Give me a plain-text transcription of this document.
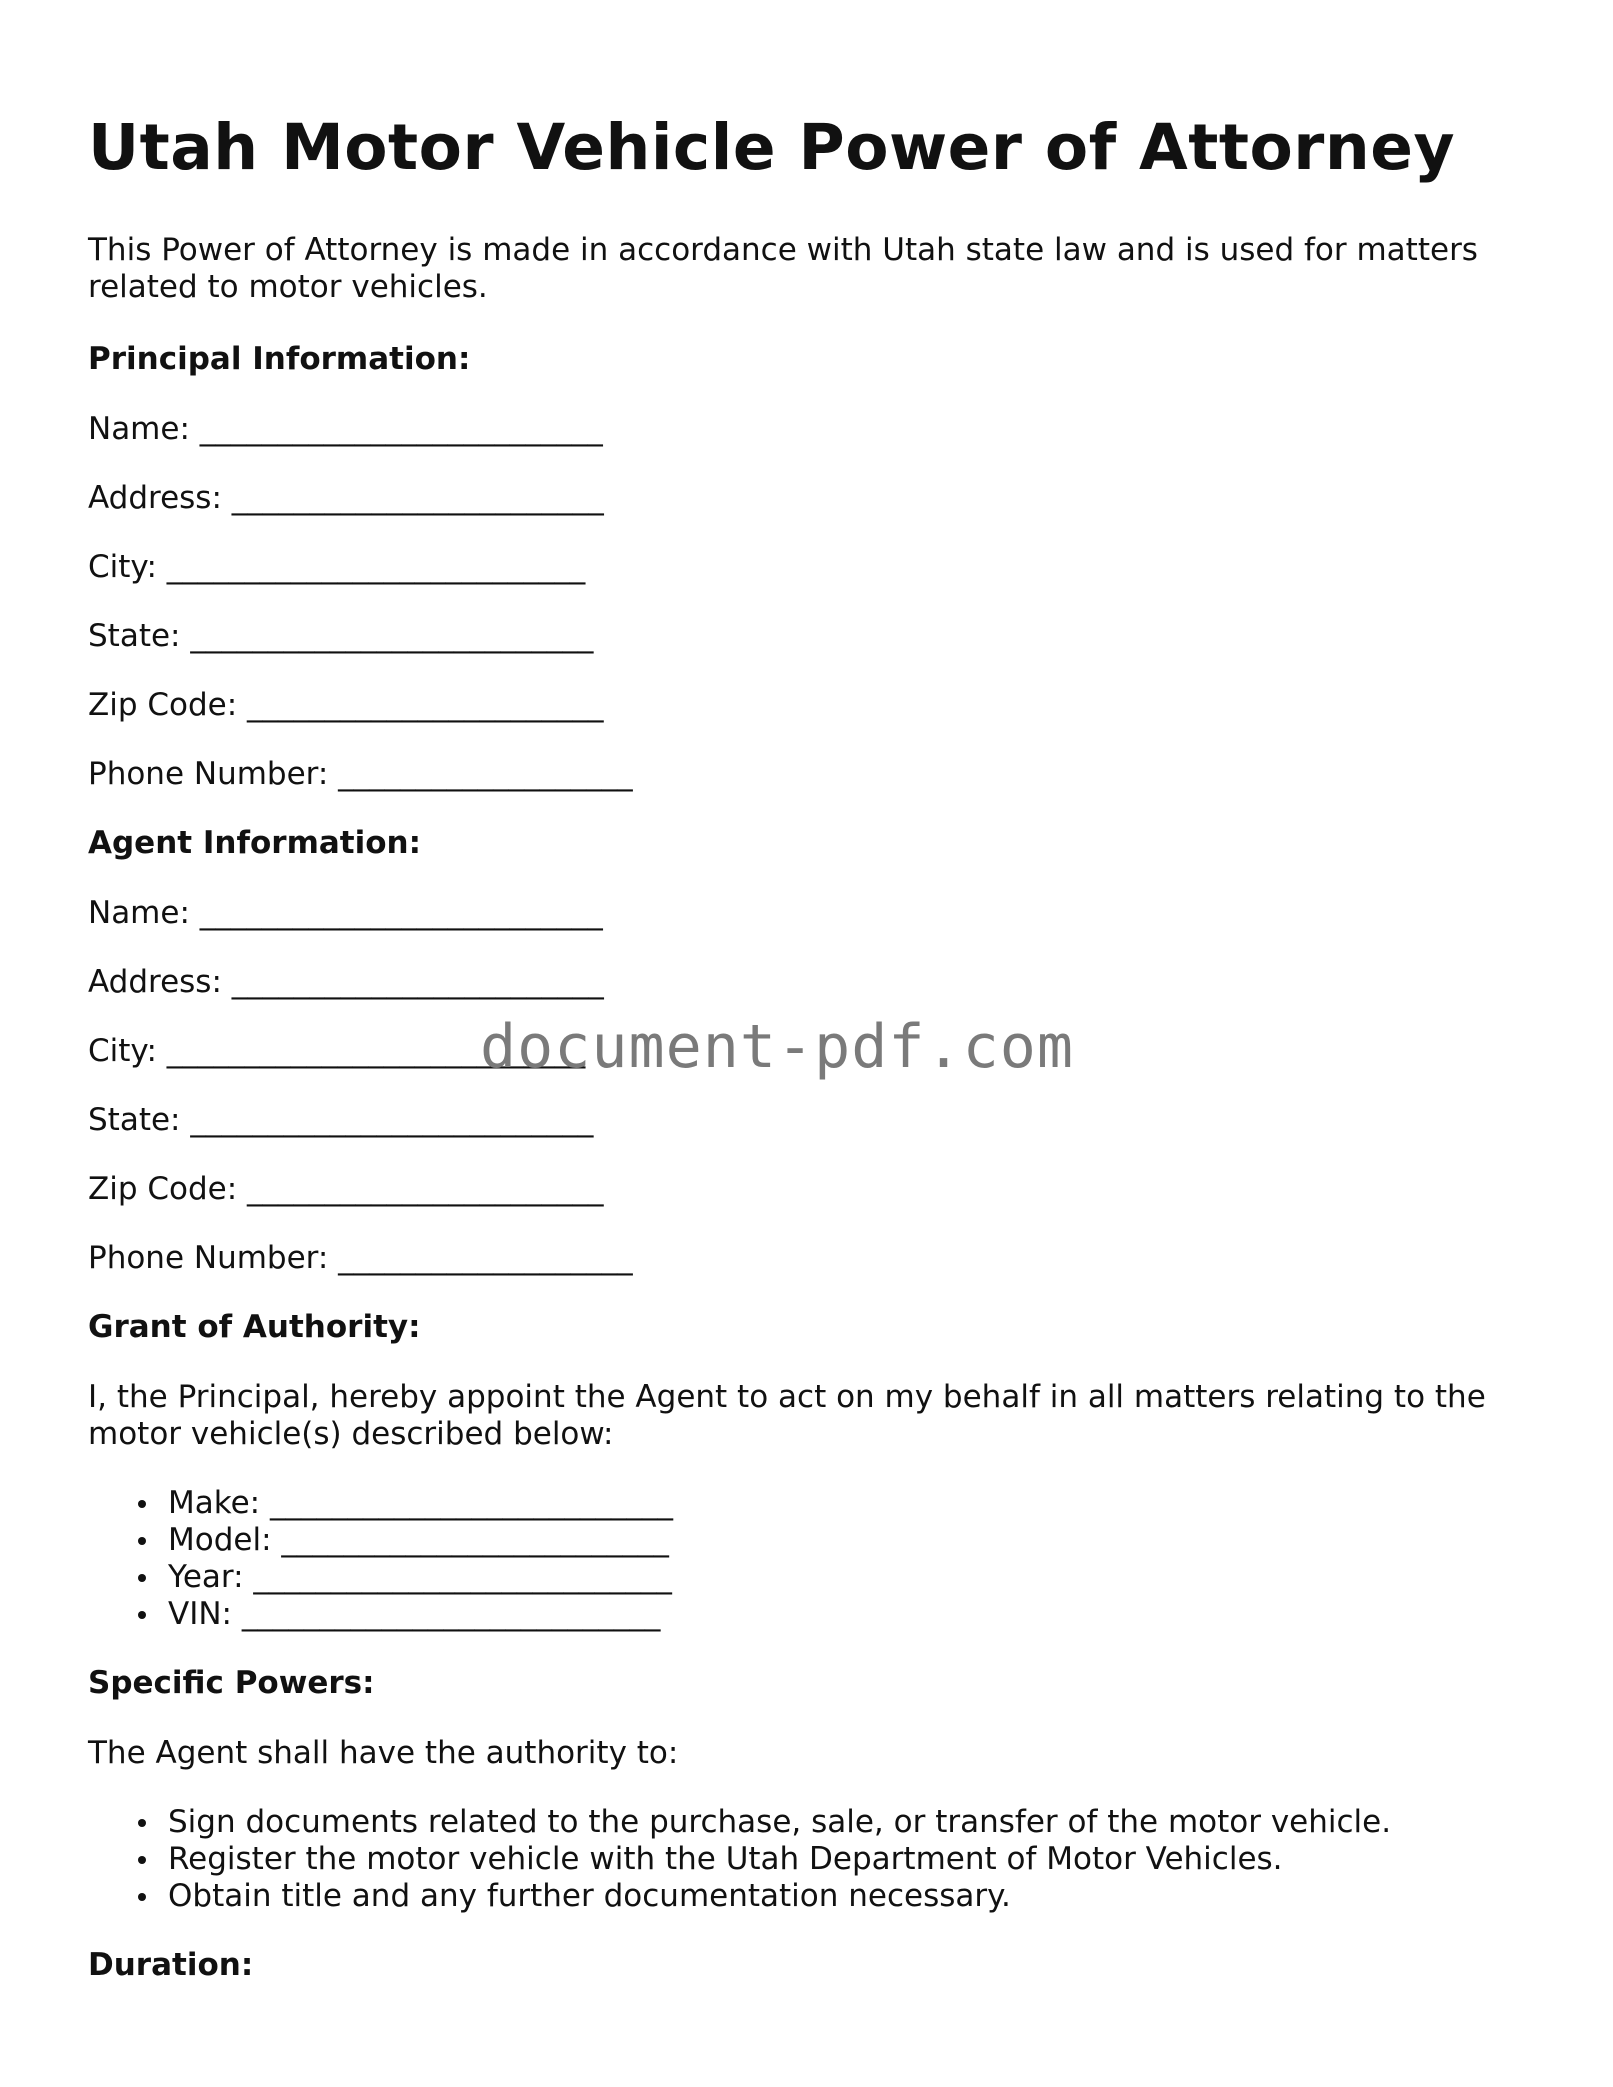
Utah Motor Vehicle Power of Attorney

This Power of Attorney is made in accordance with Utah state law and is used for matters related to motor vehicles.

Principal Information:

Name: __________________________

Address: ________________________

City: ___________________________

State: __________________________

Zip Code: _______________________

Phone Number: ___________________

Agent Information:

Name: __________________________

Address: ________________________

City: ___________________________

State: __________________________

Zip Code: _______________________

Phone Number: ___________________

Grant of Authority:

I, the Principal, hereby appoint the Agent to act on my behalf in all matters relating to the motor vehicle(s) described below:

Make: __________________________
Model: _________________________
Year: ___________________________
VIN: ___________________________

Specific Powers:

The Agent shall have the authority to:

Sign documents related to the purchase, sale, or transfer of the motor vehicle.
Register the motor vehicle with the Utah Department of Motor Vehicles.
Obtain title and any further documentation necessary.

Duration:

document-pdf.com
